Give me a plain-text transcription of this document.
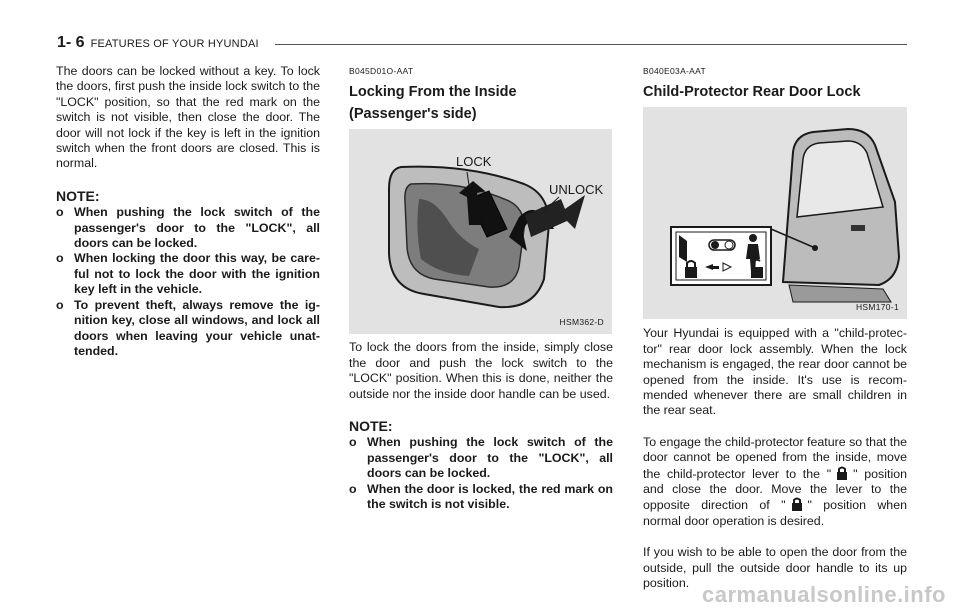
1- 6 FEATURES OF YOUR HYUNDAI

The doors can be locked without a key. To lock the doors, first push the inside lock switch to the "LOCK" position, so that the red mark on the switch is not visible, then close the door. The door will not lock if the key is left in the ignition switch when the front doors are closed. This is normal.

NOTE:
o When pushing the lock switch of the passenger's door to the "LOCK", all doors can be locked.
o When locking the door this way, be care-ful not to lock the door with the ignition key left in the vehicle.
o To prevent theft, always remove the ig-nition key, close all windows, and lock all doors when leaving your vehicle unat-tended.
B045D01O-AAT
Locking From the Inside
(Passenger's side)
LOCK
UNLOCK
HSM362-D

To lock the doors from the inside, simply close the door and push the lock switch to the "LOCK" position. When this is done, neither the outside nor the inside door handle can be used.

NOTE:
o When pushing the lock switch of the passenger's door to the "LOCK", all doors can be locked.
o When the door is locked, the red mark on the switch is not visible.
B040E03A-AAT
Child-Protector Rear Door Lock
HSM170-1

Your Hyundai is equipped with a "child-protec-tor" rear door lock assembly. When the lock mechanism is engaged, the rear door cannot be opened from the inside. It's use is recom-mended whenever there are small children in the rear seat.

To engage the child-protector feature so that the door cannot be opened from the inside, move the child-protector lever to the " " position and close the door. Move the lever to the opposite direction of " " position when normal door operation is desired.

If you wish to be able to open the door from the outside, pull the outside door handle to its up position. carmanualsonline.info
